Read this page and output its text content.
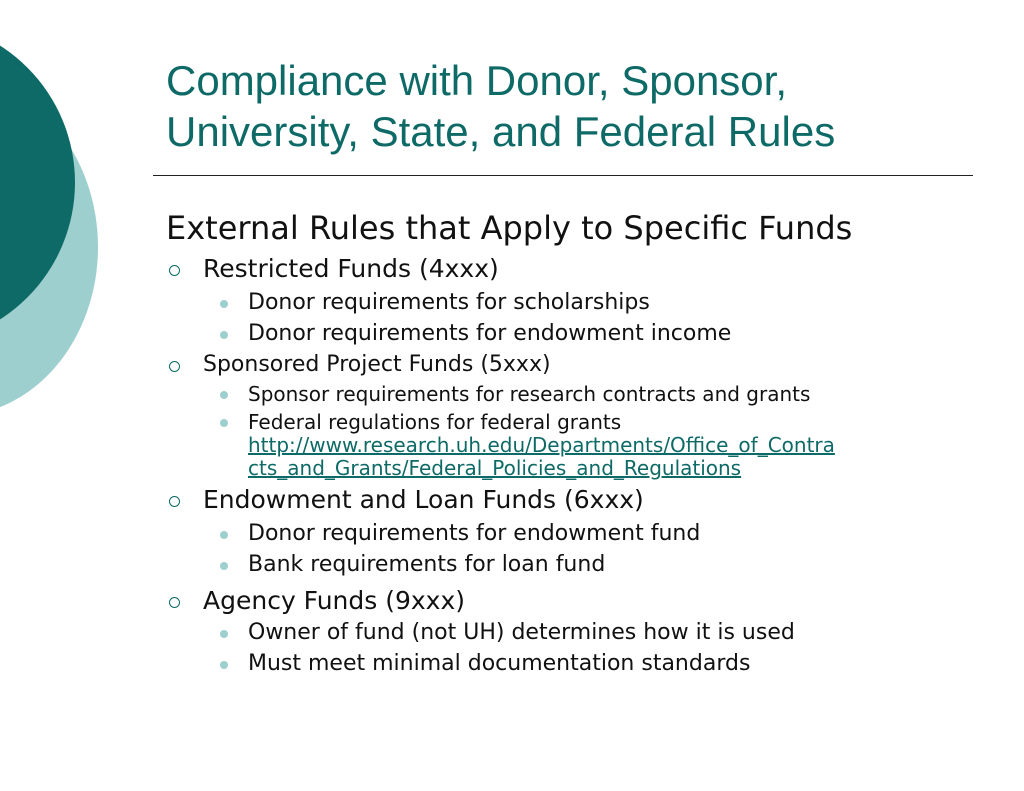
Compliance with Donor, Sponsor,
University, State, and Federal Rules
External Rules that Apply to Specific Funds
Restricted Funds (4xxx)
Donor requirements for scholarships
Donor requirements for endowment income
Sponsored Project Funds (5xxx)
Sponsor requirements for research contracts and grants
Federal regulations for federal grants
http://www.research.uh.edu/Departments/Office_of_Contra
cts_and_Grants/Federal_Policies_and_Regulations
Endowment and Loan Funds (6xxx)
Donor requirements for endowment fund
Bank requirements for loan fund
Agency Funds (9xxx)
Owner of fund (not UH) determines how it is used
Must meet minimal documentation standards
